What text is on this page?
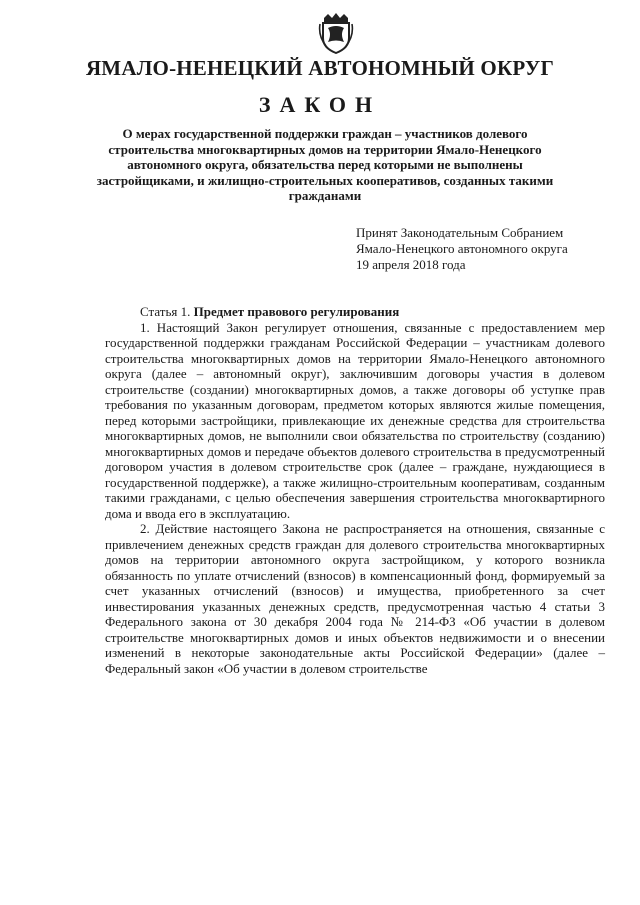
ЯМАЛО-НЕНЕЦКИЙ АВТОНОМНЫЙ ОКРУГ
ЗАКОН
О мерах государственной поддержки граждан – участников долевого строительства многоквартирных домов на территории Ямало-Ненецкого автономного округа, обязательства перед которыми не выполнены застройщиками, и жилищно-строительных кооперативов, созданных такими гражданами
Принят Законодательным Собранием
Ямало-Ненецкого автономного округа
19 апреля 2018 года
Статья 1. Предмет правового регулирования

1. Настоящий Закон регулирует отношения, связанные с предоставлением мер государственной поддержки гражданам Российской Федерации – участникам долевого строительства многоквартирных домов на территории Ямало-Ненецкого автономного округа (далее – автономный округ), заключившим договоры участия в долевом строительстве (создании) многоквартирных домов, а также договоры об уступке прав требования по указанным договорам, предметом которых являются жилые помещения, перед которыми застройщики, привлекающие их денежные средства для строительства многоквартирных домов, не выполнили свои обязательства по строительству (созданию) многоквартирных домов и передаче объектов долевого строительства в предусмотренный договором участия в долевом строительстве срок (далее – граждане, нуждающиеся в государственной поддержке), а также жилищно-строительным кооперативам, созданным такими гражданами, с целью обеспечения завершения строительства многоквартирного дома и ввода его в эксплуатацию.

2. Действие настоящего Закона не распространяется на отношения, связанные с привлечением денежных средств граждан для долевого строительства многоквартирных домов на территории автономного округа застройщиком, у которого возникла обязанность по уплате отчислений (взносов) в компенсационный фонд, формируемый за счет указанных отчислений (взносов) и имущества, приобретенного за счет инвестирования указанных денежных средств, предусмотренная частью 4 статьи 3 Федерального закона от 30 декабря 2004 года № 214-ФЗ «Об участии в долевом строительстве многоквартирных домов и иных объектов недвижимости и о внесении изменений в некоторые законодательные акты Российской Федерации» (далее – Федеральный закон «Об участии в долевом строительстве
